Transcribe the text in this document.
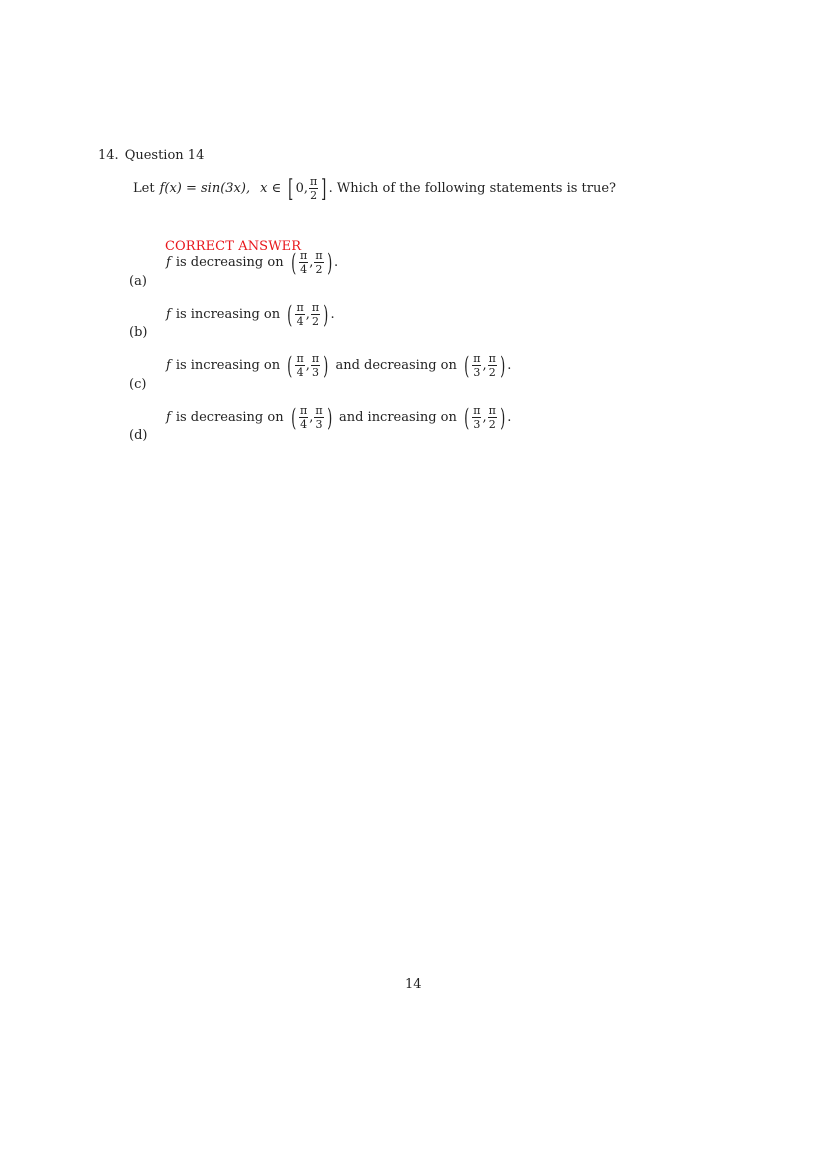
14. Question 14
Let f(x) = sin(3x), x ∈ [ 0, $\frac{\pi}{2}$ ] . Which of the following statements is true?
CORRECT ANSWER
(a)
f is decreasing on ( $\frac{\pi}{4}$ , $\frac{\pi}{2}$ ) .
(b)
f is increasing on ( $\frac{\pi}{4}$ , $\frac{\pi}{2}$ ) .
(c)
f is increasing on ( $\frac{\pi}{4}$ , $\frac{\pi}{3}$ ) and decreasing on ( $\frac{\pi}{3}$ , $\frac{\pi}{2}$ ) .
(d)
f is decreasing on ( $\frac{\pi}{4}$ , $\frac{\pi}{3}$ ) and increasing on ( $\frac{\pi}{3}$ , $\frac{\pi}{2}$ ) .
14
